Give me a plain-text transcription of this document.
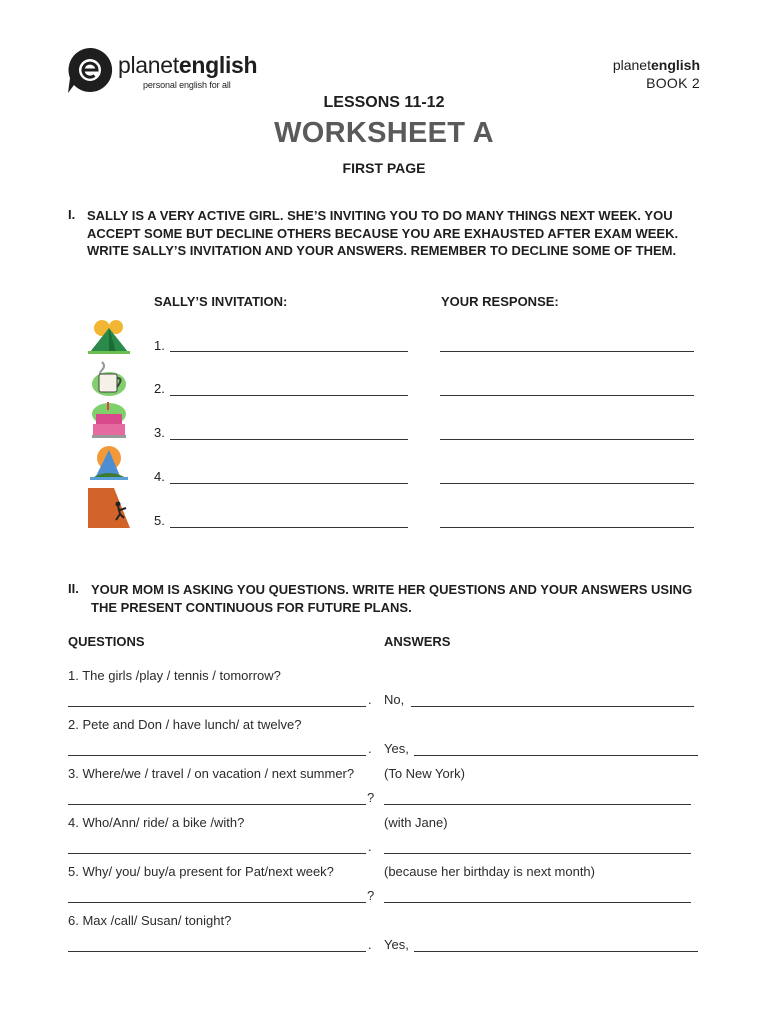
planetenglish
personal english for all
planetenglish
BOOK 2
LESSONS 11-12
WORKSHEET A
FIRST PAGE
I. SALLY IS A VERY ACTIVE GIRL. SHE’S INVITING YOU TO DO MANY THINGS NEXT WEEK. YOU ACCEPT SOME BUT DECLINE OTHERS BECAUSE YOU ARE EXHAUSTED AFTER EXAM WEEK. WRITE SALLY’S INVITATION AND YOUR ANSWERS. REMEMBER TO DECLINE SOME OF THEM.
SALLY’S INVITATION:	YOUR RESPONSE:
1.
2.
3.
4.
5.
II. YOUR MOM IS ASKING YOU QUESTIONS. WRITE HER QUESTIONS AND YOUR ANSWERS USING THE PRESENT CONTINUOUS FOR FUTURE PLANS.
QUESTIONS	ANSWERS
1. The girls /play / tennis / tomorrow?
. No,
2. Pete and Don / have lunch/ at twelve?
. Yes,
3. Where/we / travel / on vacation / next summer? (To New York)
?
4. Who/Ann/ ride/ a bike /with?	(with Jane)
.
5. Why/ you/ buy/a present for Pat/next week?	(because her birthday is next month)
?
6. Max /call/ Susan/ tonight?
. Yes,
